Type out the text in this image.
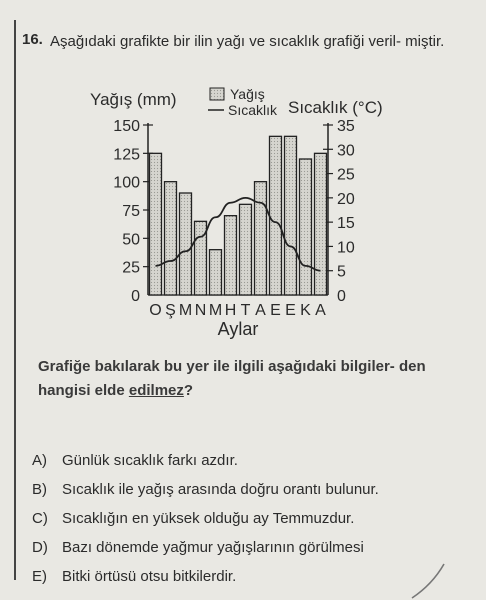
16. Aşağıdaki grafikte bir ilin yağı ve sıcaklık grafiği veril- miştir.
Yağış (mm)	Sıcaklık (°C)
Yağış
Sıcaklık
0
25
50
75
100
125
150
0
5
10
15
20
25
30
35
O Ş M N M H T A E E K A
Aylar
Grafiğe bakılarak bu yer ile ilgili aşağıdaki bilgiler- den hangisi elde edilmez?
A)	Günlük sıcaklık farkı azdır.
B)	Sıcaklık ile yağış arasında doğru orantı bulunur.
C) Sıcaklığın en yüksek olduğu ay Temmuzdur.
D) Bazı dönemde yağmur yağışlarının görülmesi
E)	Bitki örtüsü otsu bitkilerdir.
